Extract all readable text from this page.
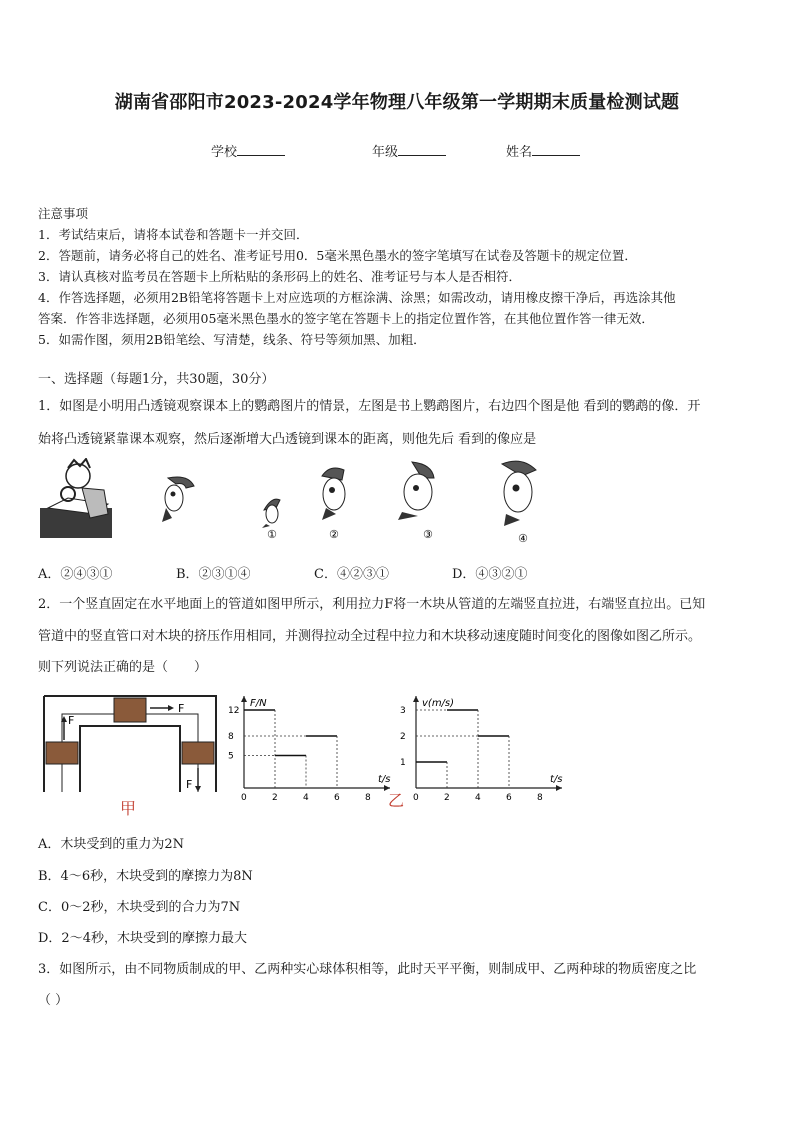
湖南省邵阳市2023-2024学年物理八年级第一学期期末质量检测试题
学校	年级	姓名
注意事项
1．考试结束后，请将本试卷和答题卡一并交回．
2．答题前，请务必将自己的姓名、准考证号用0．5毫米黑色墨水的签字笔填写在试卷及答题卡的规定位置．
3．请认真核对监考员在答题卡上所粘贴的条形码上的姓名、准考证号与本人是否相符．
4．作答选择题，必须用2B铅笔将答题卡上对应选项的方框涂满、涂黑；如需改动，请用橡皮擦干净后，再选涂其他
答案．作答非选择题，必须用05毫米黑色墨水的签字笔在答题卡上的指定位置作答，在其他位置作答一律无效．
5．如需作图，须用2B铅笔绘、写清楚，线条、符号等须加黑、加粗．
一、选择题（每题1分，共30题，30分）
1．如图是小明用凸透镜观察课本上的鹦鹉图片的情景，左图是书上鹦鹉图片，右边四个图是他 看到的鹦鹉的像．开
始将凸透镜紧靠课本观察，然后逐渐增大凸透镜到课本的距离，则他先后 看到的像应是
①	②	③	④
A．②④③①	B．②③①④	C．④②③①	D．④③②①
2．一个竖直固定在水平地面上的管道如图甲所示，利用拉力F将一木块从管道的左端竖直拉进，右端竖直拉出。已知
管道中的竖直管口对木块的挤压作用相同，并测得拉动全过程中拉力和木块移动速度随时间变化的图像如图乙所示。
则下列说法正确的是（　　）
F
F
F
甲
F/N
t/s
0	2	4	6	8
5
8
12
v(m/s)
t/s
0	2	4	6	8
1
2
3
乙
A．木块受到的重力为2N
B．4～6秒，木块受到的摩擦力为8N
C．0～2秒，木块受到的合力为7N
D．2～4秒，木块受到的摩擦力最大
3．如图所示，由不同物质制成的甲、乙两种实心球体积相等，此时天平平衡，则制成甲、乙两种球的物质密度之比
（ ）
